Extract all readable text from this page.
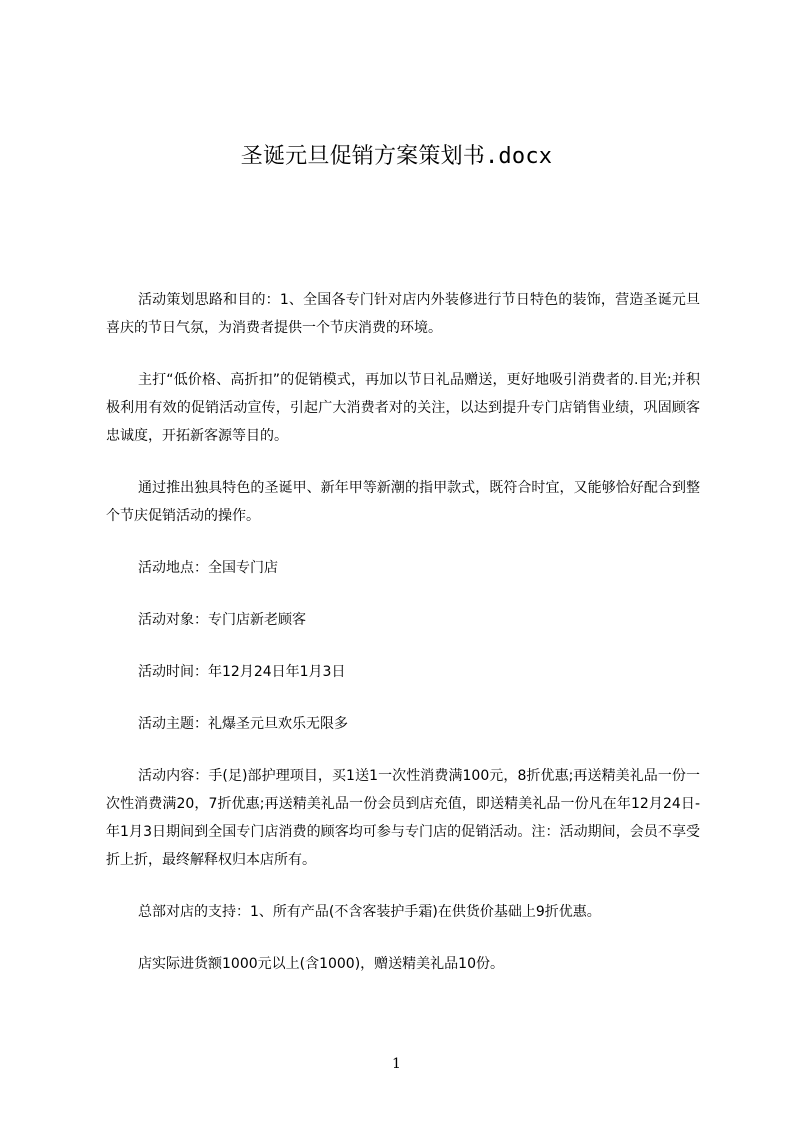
圣诞元旦促销方案策划书.docx

活动策划思路和目的：1、全国各专门针对店内外装修进行节日特色的装饰，营造圣诞元旦喜庆的节日气氛，为消费者提供一个节庆消费的环境。

主打“低价格、高折扣”的促销模式，再加以节日礼品赠送，更好地吸引消费者的.目光;并积极利用有效的促销活动宣传，引起广大消费者对的关注，以达到提升专门店销售业绩，巩固顾客忠诚度，开拓新客源等目的。

通过推出独具特色的圣诞甲、新年甲等新潮的指甲款式，既符合时宜，又能够恰好配合到整个节庆促销活动的操作。

活动地点：全国专门店

活动对象：专门店新老顾客

活动时间：年12月24日年1月3日

活动主题：礼爆圣元旦欢乐无限多

活动内容：手(足)部护理项目，买1送1一次性消费满100元，8折优惠;再送精美礼品一份一次性消费满20，7折优惠;再送精美礼品一份会员到店充值，即送精美礼品一份凡在年12月24日-年1月3日期间到全国专门店消费的顾客均可参与专门店的促销活动。注：活动期间，会员不享受折上折，最终解释权归本店所有。

总部对店的支持：1、所有产品(不含客装护手霜)在供货价基础上9折优惠。

店实际进货额1000元以上(含1000)，赠送精美礼品10份。

1
